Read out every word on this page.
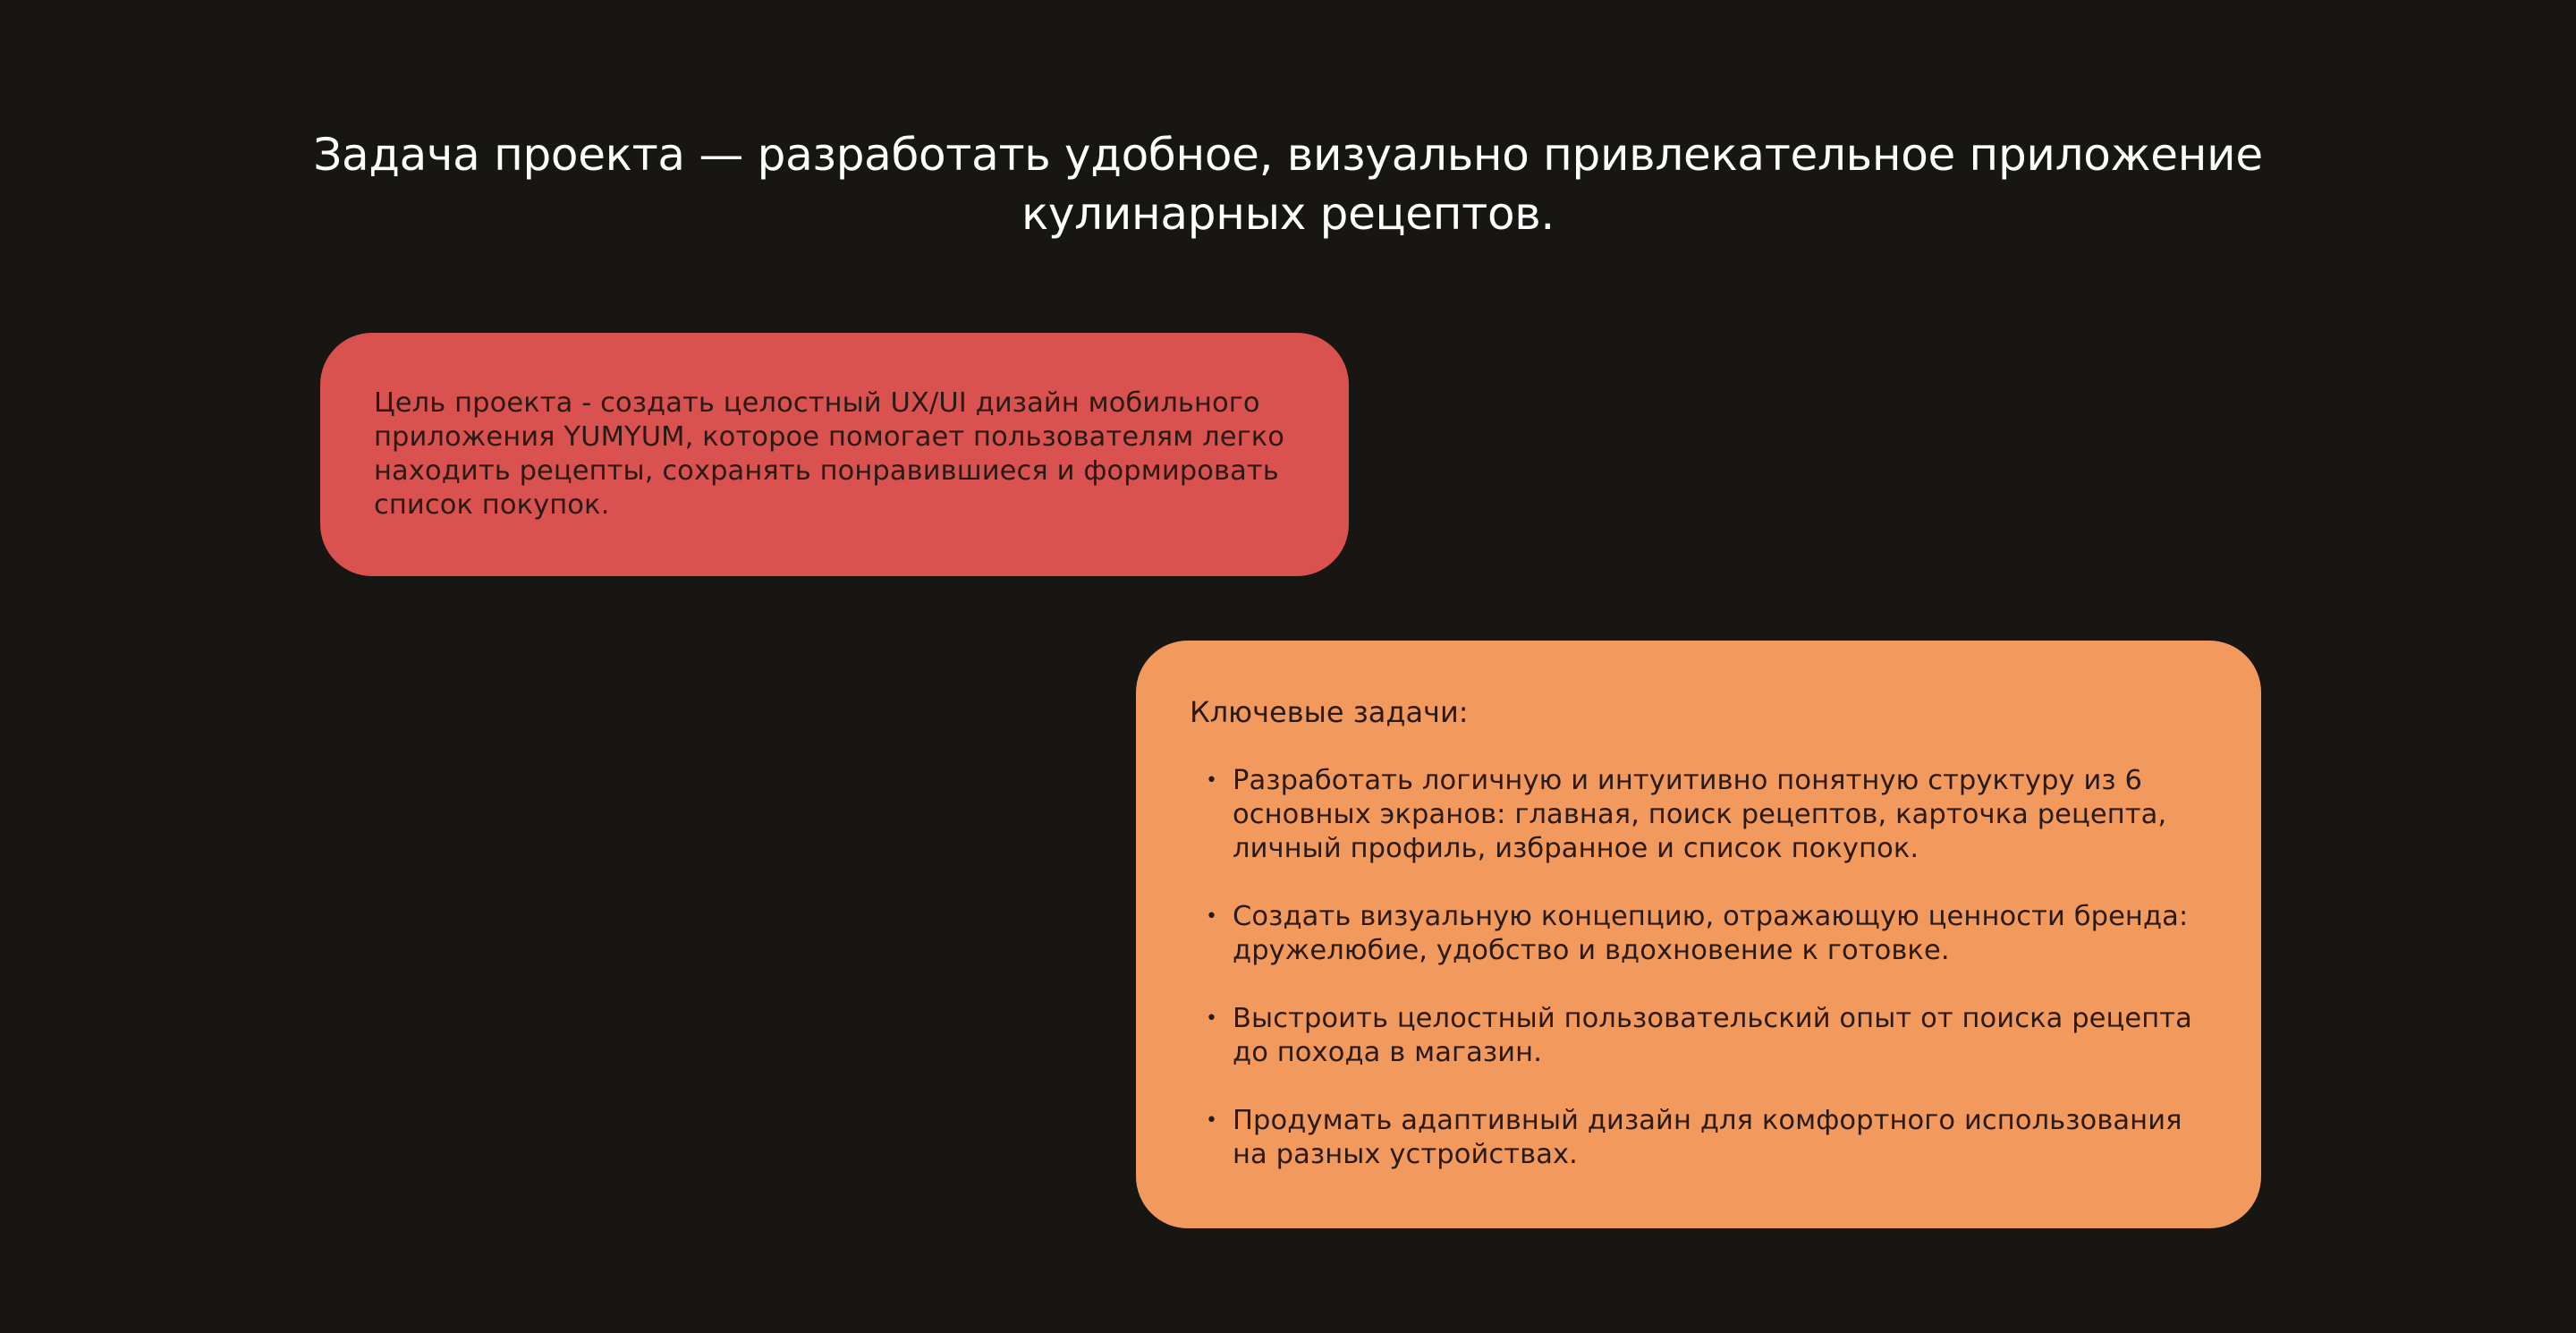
Задача проекта — разработать удобное, визуально привлекательное приложение кулинарных рецептов.

Цель проекта - создать целостный UX/UI дизайн мобильного приложения YUMYUM, которое помогает пользователям легко находить рецепты, сохранять понравившиеся и формировать список покупок.

Ключевые задачи:
• Разработать логичную и интуитивно понятную структуру из 6 основных экранов: главная, поиск рецептов, карточка рецепта, личный профиль, избранное и список покупок.
• Создать визуальную концепцию, отражающую ценности бренда: дружелюбие, удобство и вдохновение к готовке.
• Выстроить целостный пользовательский опыт от поиска рецепта до похода в магазин.
• Продумать адаптивный дизайн для комфортного использования на разных устройствах.
